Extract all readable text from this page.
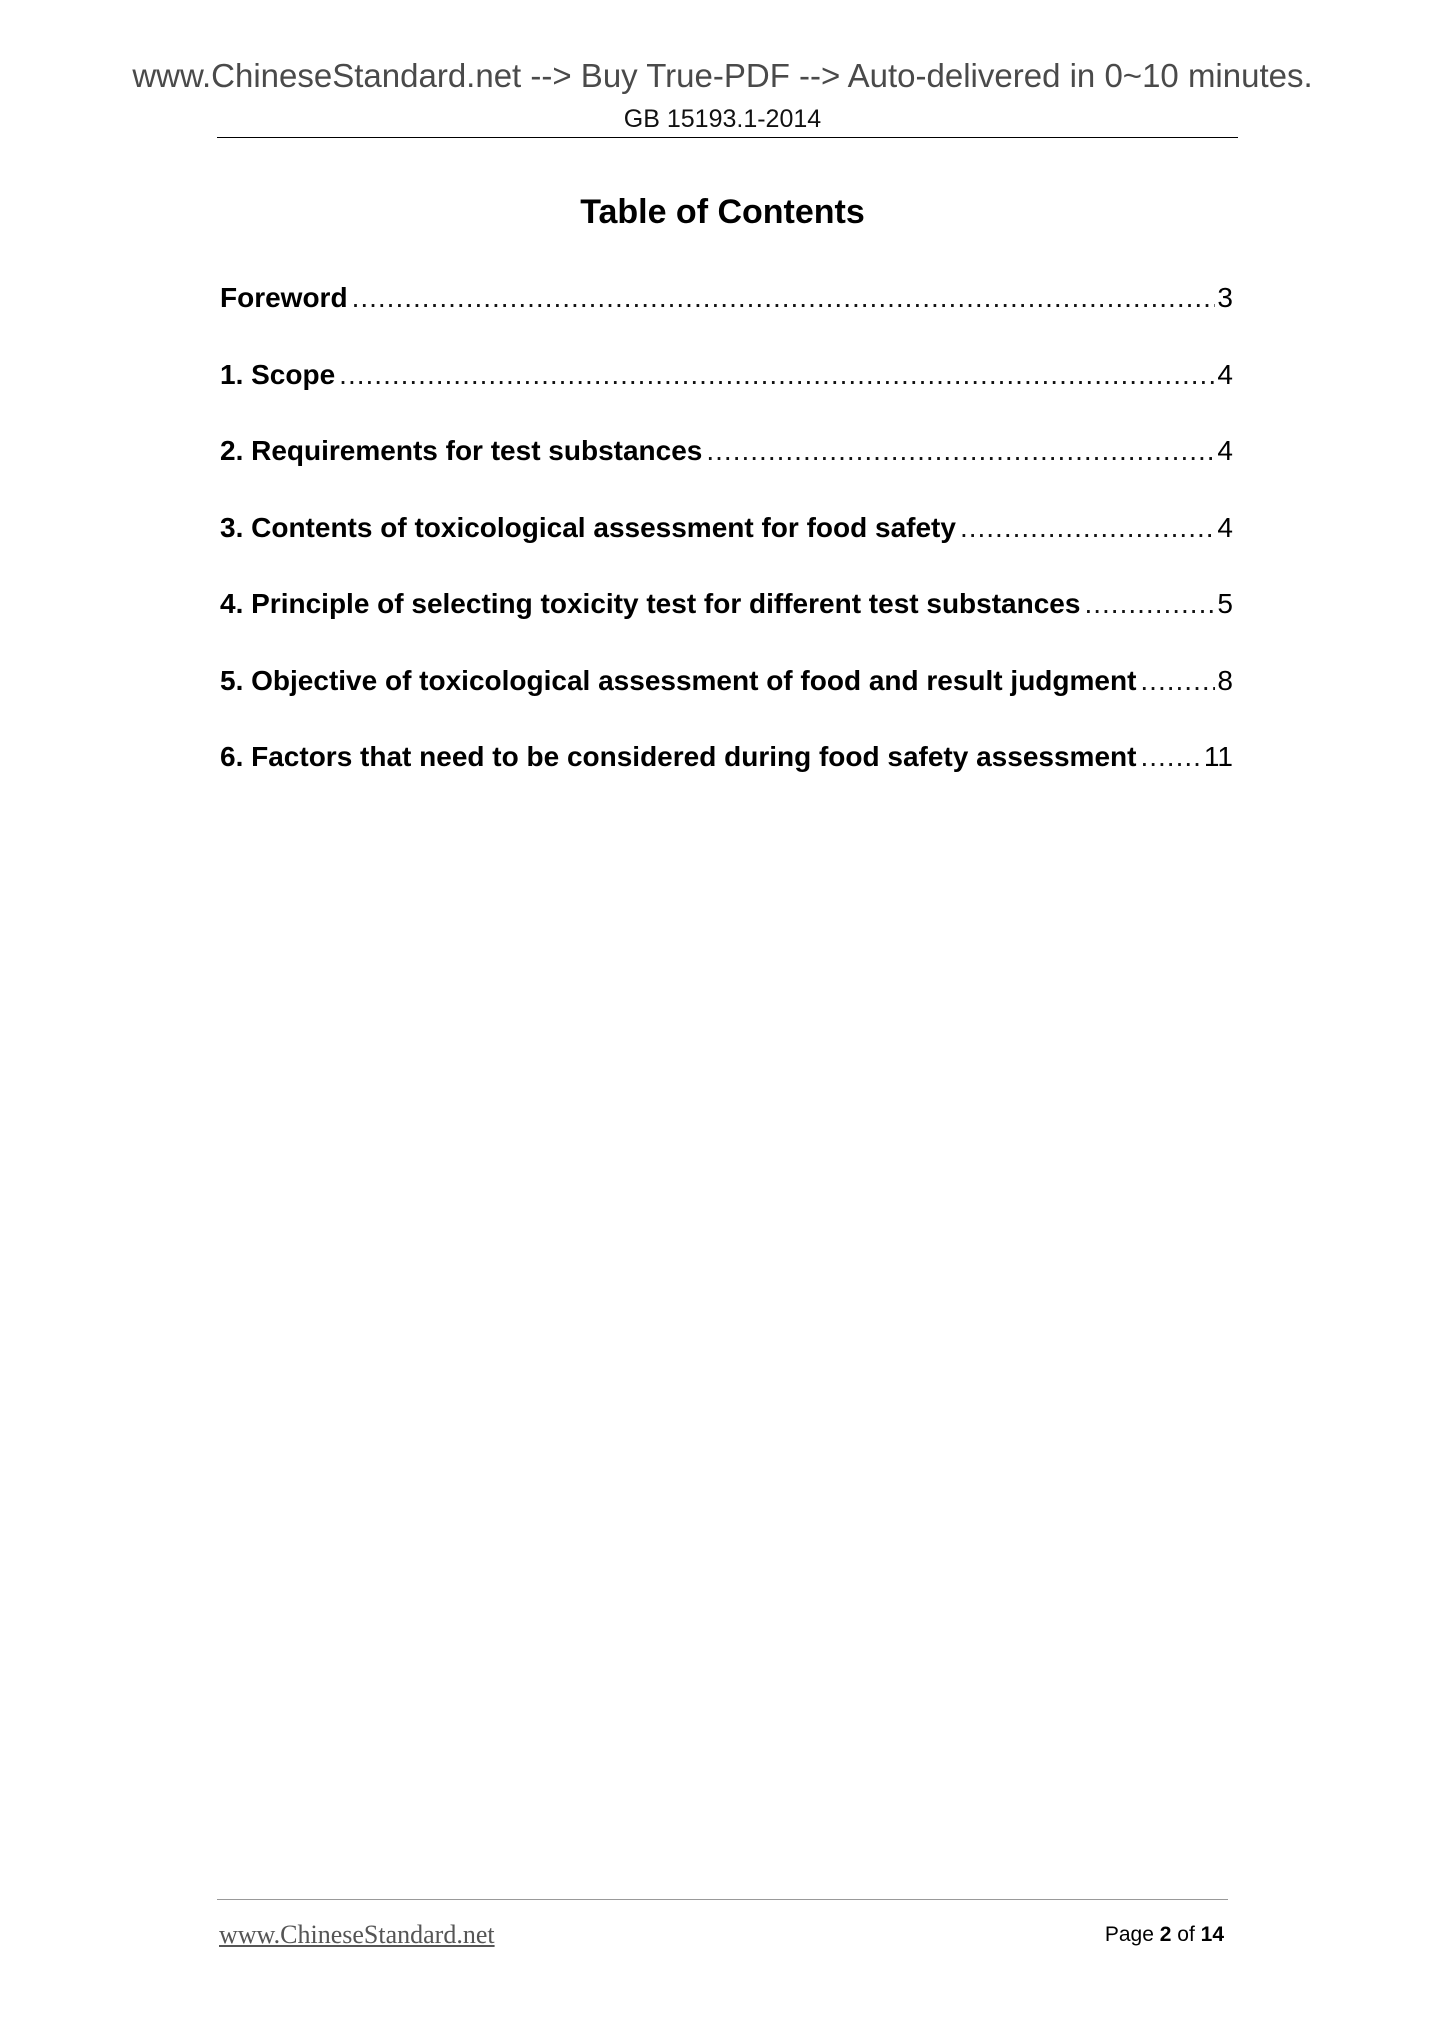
www.ChineseStandard.net --> Buy True-PDF --> Auto-delivered in 0~10 minutes.
GB 15193.1-2014
Table of Contents
Foreword .....	3
1. Scope .....	4
2. Requirements for test substances .....	4
3. Contents of toxicological assessment for food safety .....	4
4. Principle of selecting toxicity test for different test substances .....	5
5. Objective of toxicological assessment of food and result judgment .....	8
6. Factors that need to be considered during food safety assessment ..... 11
www.ChineseStandard.net	Page 2 of 14
